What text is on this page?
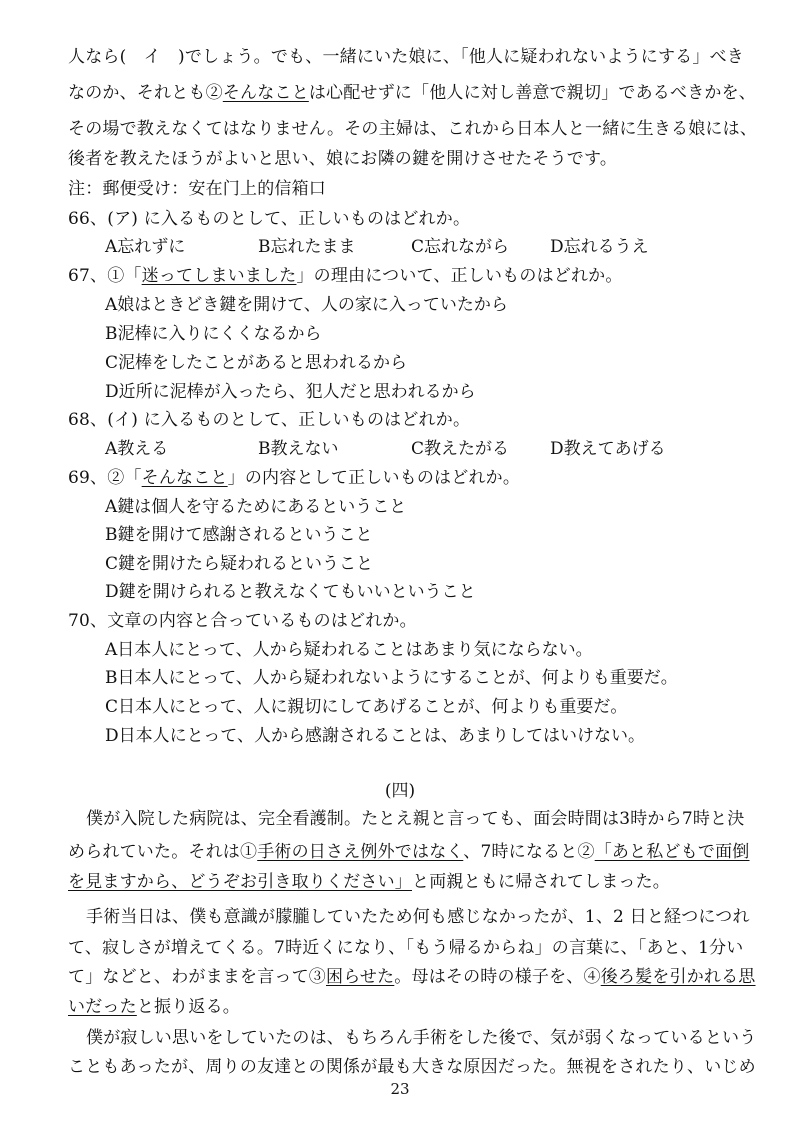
人なら(　イ　)でしょう。でも、一緒にいた娘に、「他人に疑われないようにする」べき
なのか、それとも②そんなことは心配せずに「他人に対し善意で親切」であるべきかを、
その場で教えなくてはなりません。その主婦は、これから日本人と一緒に生きる娘には、
後者を教えたほうがよいと思い、娘にお隣の鍵を開けさせたそうです。
注：郵便受け：安在门上的信箱口
66、(ア) に入るものとして、正しいものはどれか。
A忘れずに	B忘れたまま	C忘れながら D忘れるうえ
67、①「迷ってしまいました」の理由について、正しいものはどれか。
A娘はときどき鍵を開けて、人の家に入っていたから
B泥棒に入りにくくなるから
C泥棒をしたことがあると思われるから
D近所に泥棒が入ったら、犯人だと思われるから
68、(イ) に入るものとして、正しいものはどれか。
A教える	B教えない	C教えたがる D教えてあげる
69、②「そんなこと」の内容として正しいものはどれか。
A鍵は個人を守るためにあるということ
B鍵を開けて感謝されるということ
C鍵を開けたら疑われるということ
D鍵を開けられると教えなくてもいいということ
70、文章の内容と合っているものはどれか。
A日本人にとって、人から疑われることはあまり気にならない。
B日本人にとって、人から疑われないようにすることが、何よりも重要だ。
C日本人にとって、人に親切にしてあげることが、何よりも重要だ。
D日本人にとって、人から感謝されることは、あまりしてはいけない。
(四)
僕が入院した病院は、完全看護制。たとえ親と言っても、面会時間は3時から7時と決
められていた。それは①手術の日さえ例外ではなく、7時になると②「あと私どもで面倒
を見ますから、どうぞお引き取りください」と両親ともに帰されてしまった。
手術当日は、僕も意識が朦朧していたため何も感じなかったが、1、2 日と経つにつれ
て、寂しさが増えてくる。7時近くになり、「もう帰るからね」の言葉に、「あと、1分い
て」などと、わがままを言って③困らせた。母はその時の様子を、④後ろ髪を引かれる思
いだったと振り返る。
僕が寂しい思いをしていたのは、もちろん手術をした後で、気が弱くなっているという
こともあったが、周りの友達との関係が最も大きな原因だった。無視をされたり、いじめ
23
